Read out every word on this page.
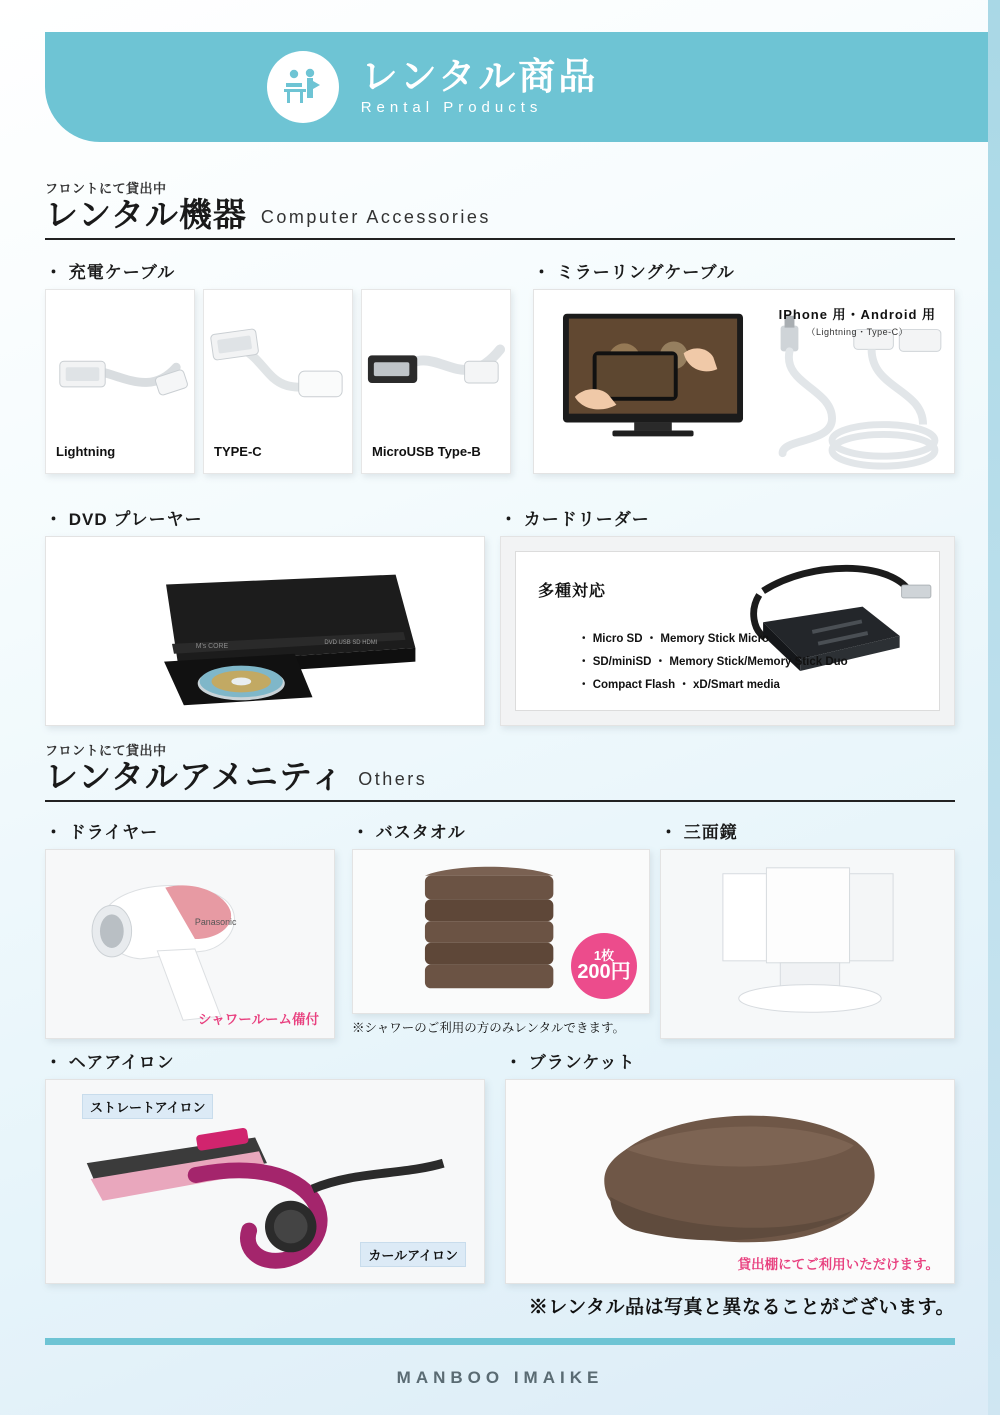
レンタル商品
Rental Products
フロントにて貸出中
レンタル機器 Computer Accessories
・ 充電ケーブル
Lightning	TYPE-C	MicroUSB Type-B
・ ミラーリングケーブル
IPhone 用・Android 用
（Lightning・Type-C）
・ DVD プレーヤー
M's CORE	DVD USB SD HDMI
・ カードリーダー
多種対応
・ Micro SD ・ Memory Stick Micro
・ SD/miniSD ・ Memory Stick/Memory Stick Duo
・ Compact Flash ・ xD/Smart media
フロントにて貸出中
レンタルアメニティ Others
・ ドライヤー
Panasonic
シャワールーム備付
・ バスタオル
1枚
200円
※シャワーのご利用の方のみレンタルできます。
・ 三面鏡
・ ヘアアイロン
ストレートアイロン
カールアイロン
・ ブランケット
貸出棚にてご利用いただけます。
※レンタル品は写真と異なることがございます。
MANBOO IMAIKE
